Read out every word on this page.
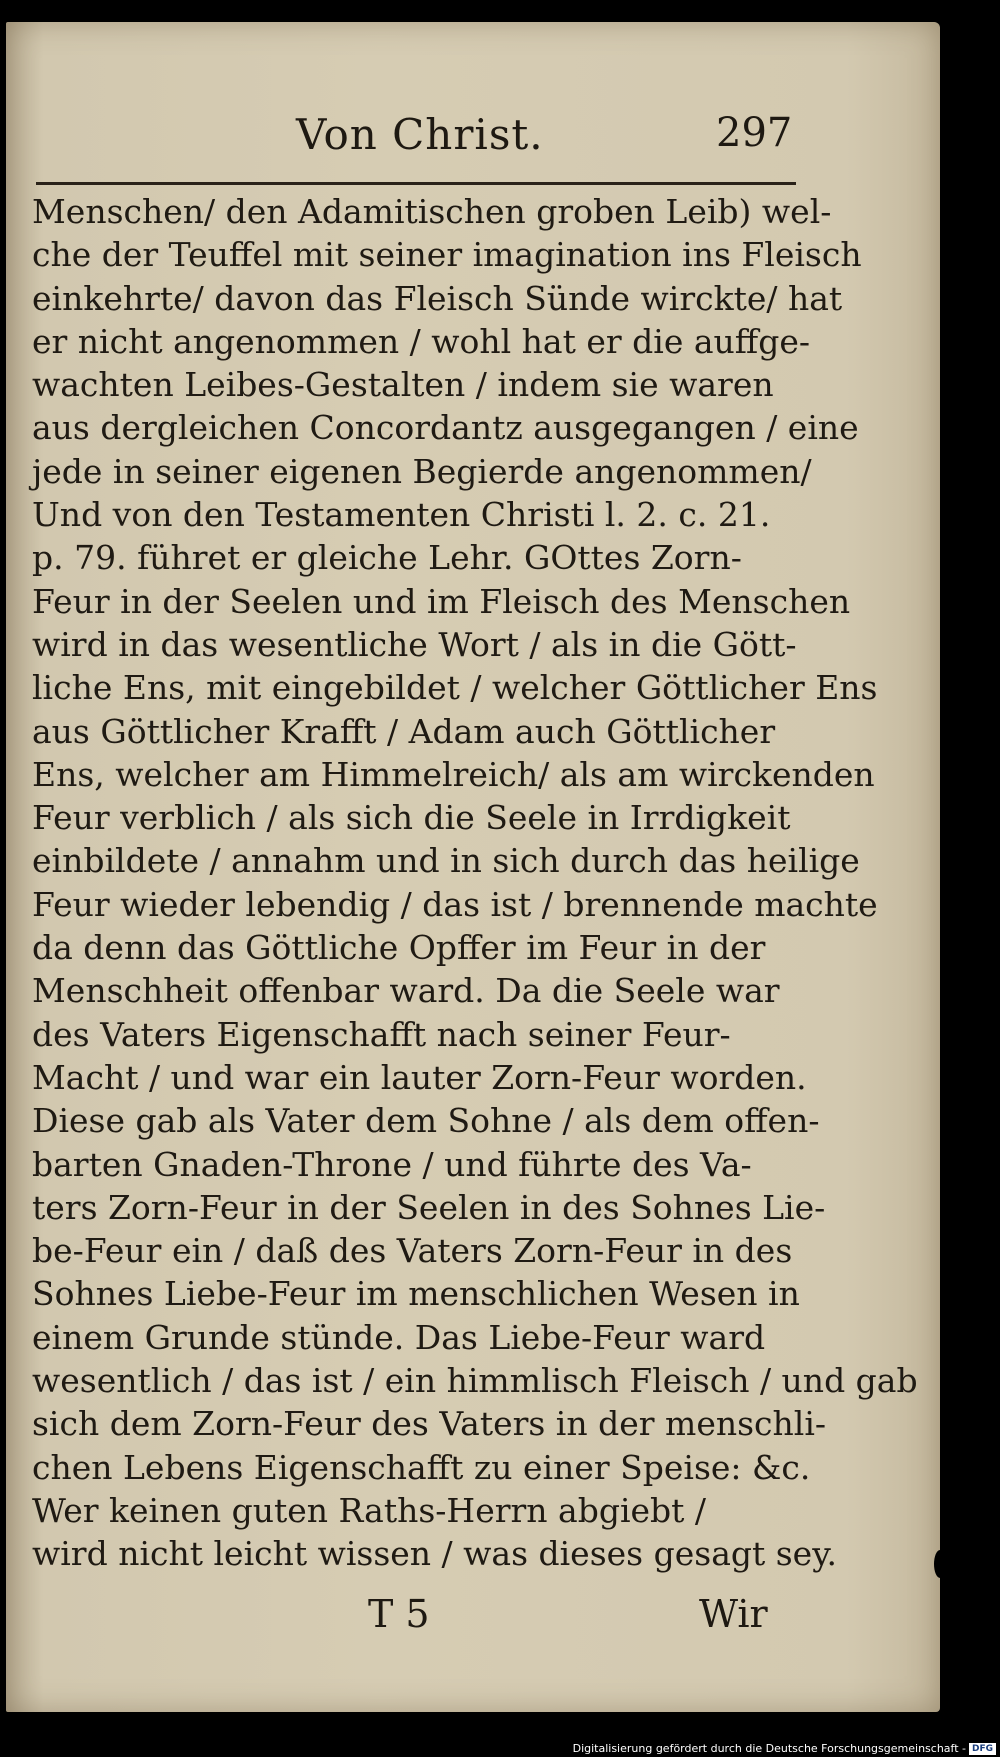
Von Christ.	297
Menschen/ den Adamitischen groben Leib) wel-
che der Teuffel mit seiner imagination ins Fleisch
einkehrte/ davon das Fleisch Sünde wirckte/ hat
er nicht angenommen / wohl hat er die auffge-
wachten Leibes-Gestalten / indem sie waren
aus dergleichen Concordantz ausgegangen / eine
jede in seiner eigenen Begierde angenommen/
Und von den Testamenten Christi l. 2. c. 21.
p. 79. führet er gleiche Lehr. GOttes Zorn-
Feur in der Seelen und im Fleisch des Menschen
wird in das wesentliche Wort / als in die Gött-
liche Ens, mit eingebildet / welcher Göttlicher Ens
aus Göttlicher Krafft / Adam auch Göttlicher
Ens, welcher am Himmelreich/ als am wirckenden
Feur verblich / als sich die Seele in Irrdigkeit
einbildete / annahm und in sich durch das heilige
Feur wieder lebendig / das ist / brennende machte
da denn das Göttliche Opffer im Feur in der
Menschheit offenbar ward. Da die Seele war
des Vaters Eigenschafft nach seiner Feur-
Macht / und war ein lauter Zorn-Feur worden.
Diese gab als Vater dem Sohne / als dem offen-
barten Gnaden-Throne / und führte des Va-
ters Zorn-Feur in der Seelen in des Sohnes Lie-
be-Feur ein / daß des Vaters Zorn-Feur in des
Sohnes Liebe-Feur im menschlichen Wesen in
einem Grunde stünde. Das Liebe-Feur ward
wesentlich / das ist / ein himmlisch Fleisch / und gab
sich dem Zorn-Feur des Vaters in der menschli-
chen Lebens Eigenschafft zu einer Speise: &c.
Wer keinen guten Raths-Herrn abgiebt /
wird nicht leicht wissen / was dieses gesagt sey.
T 5	Wir
Digitalisierung gefördert durch die Deutsche Forschungsgemeinschaft - DFG
